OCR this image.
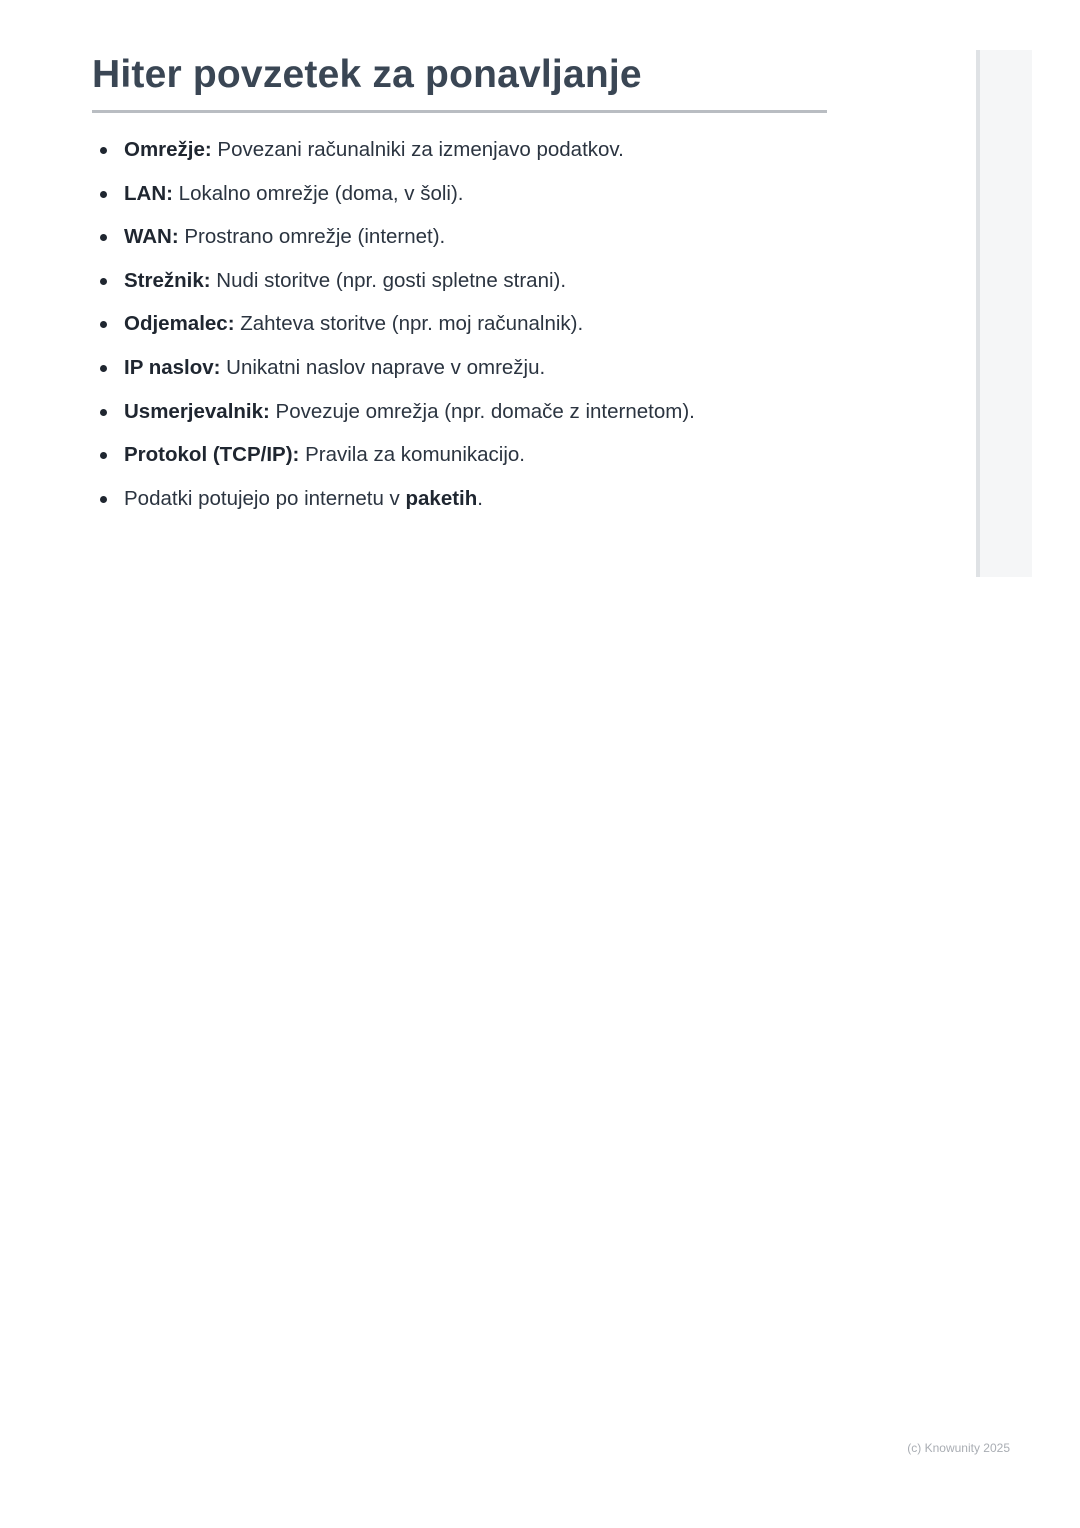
Hiter povzetek za ponavljanje
Omrežje: Povezani računalniki za izmenjavo podatkov.
LAN: Lokalno omrežje (doma, v šoli).
WAN: Prostrano omrežje (internet).
Strežnik: Nudi storitve (npr. gosti spletne strani).
Odjemalec: Zahteva storitve (npr. moj računalnik).
IP naslov: Unikatni naslov naprave v omrežju.
Usmerjevalnik: Povezuje omrežja (npr. domače z internetom).
Protokol (TCP/IP): Pravila za komunikacijo.
Podatki potujejo po internetu v paketih.
(c) Knowunity 2025
